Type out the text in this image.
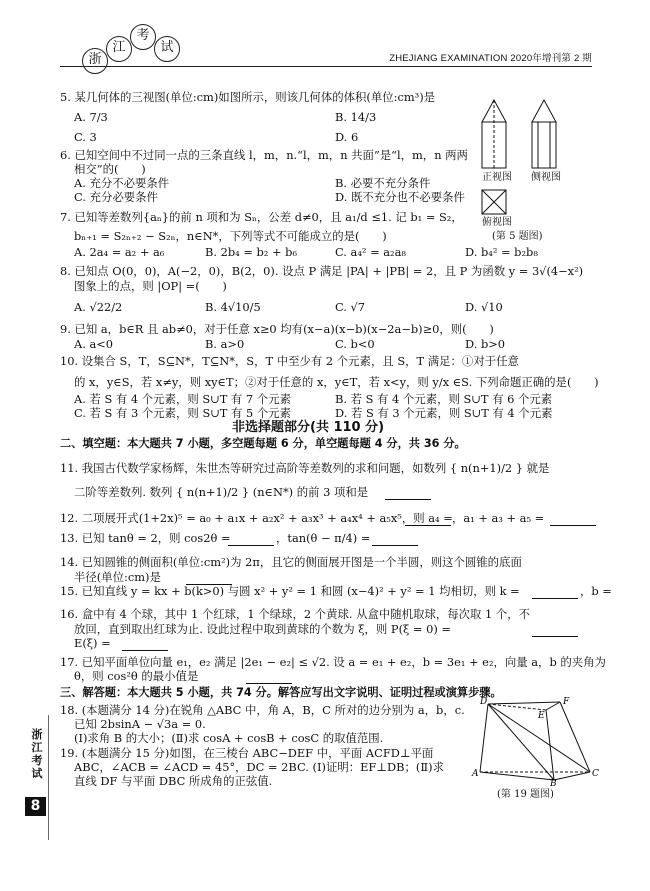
浙
江
考
试
ZHEJIANG EXAMINATION 2020年增刊第 2 期
浙江考试
8
5. 某几何体的三视图(单位:cm)如图所示，则该几何体的体积(单位:cm³)是
A. 7/3	B. 14/3
C. 3	D. 6
6. 已知空间中不过同一点的三条直线 l，m，n.“l，m，n 共面”是“l，m，n 两两
相交”的(　　)
A. 充分不必要条件	B. 必要不充分条件
C. 充分必要条件	D. 既不充分也不必要条件
7. 已知等差数列{aₙ}的前 n 项和为 Sₙ，公差 d≠0，且 a₁/d ≤1. 记 b₁ = S₂，
bₙ₊₁ = S₂ₙ₊₂ − S₂ₙ，n∈N*，下列等式不可能成立的是(　　)
A. 2a₄ = a₂ + a₆	B. 2b₄ = b₂ + b₆	C. a₄² = a₂a₈	D. b₄² = b₂b₈
8. 已知点 O(0，0)，A(−2，0)，B(2，0). 设点 P 满足 |PA| + |PB| = 2，且 P 为函数 y = 3√(4−x²)
图象上的点，则 |OP| =(　　)
A. √22/2	B. 4√10/5	C. √7	D. √10
9. 已知 a，b∈R 且 ab≠0，对于任意 x≥0 均有(x−a)(x−b)(x−2a−b)≥0，则(　　)
A. a<0	B. a>0	C. b<0	D. b>0
10. 设集合 S，T，S⊆N*，T⊆N*，S，T 中至少有 2 个元素，且 S，T 满足：①对于任意
的 x，y∈S，若 x≠y，则 xy∈T；②对于任意的 x，y∈T，若 x<y，则 y/x ∈S. 下列命题正确的是(　　)
A. 若 S 有 4 个元素，则 S∪T 有 7 个元素	B. 若 S 有 4 个元素，则 S∪T 有 6 个元素
C. 若 S 有 3 个元素，则 S∪T 有 5 个元素	D. 若 S 有 3 个元素，则 S∪T 有 4 个元素
非选择题部分(共 110 分)
二、填空题：本大题共 7 小题，多空题每题 6 分，单空题每题 4 分，共 36 分。
11. 我国古代数学家杨辉，朱世杰等研究过高阶等差数列的求和问题，如数列 { n(n+1)/2 } 就是
二阶等差数列. 数列 { n(n+1)/2 } (n∈N*) 的前 3 项和是
12. 二项展开式(1+2x)⁵ = a₀ + a₁x + a₂x² + a₃x³ + a₄x⁴ + a₅x⁵，则 a₄ = ，a₁ + a₃ + a₅ =
13. 已知 tanθ = 2，则 cos2θ =	，tan(θ − π/4) =
14. 已知圆锥的侧面积(单位:cm²)为 2π，且它的侧面展开图是一个半圆，则这个圆锥的底面
半径(单位:cm)是
15. 已知直线 y = kx + b(k>0) 与圆 x² + y² = 1 和圆 (x−4)² + y² = 1 均相切，则 k =	，b =
16. 盒中有 4 个球，其中 1 个红球，1 个绿球，2 个黄球. 从盒中随机取球，每次取 1 个，不
放回，直到取出红球为止. 设此过程中取到黄球的个数为 ξ，则 P(ξ = 0) =
E(ξ) =
17. 已知平面单位向量 e₁，e₂ 满足 |2e₁ − e₂| ≤ √2. 设 a = e₁ + e₂，b = 3e₁ + e₂，向量 a，b 的夹角为
θ，则 cos²θ 的最小值是
三、解答题：本大题共 5 小题，共 74 分。解答应写出文字说明、证明过程或演算步骤。
18. (本题满分 14 分)在锐角 △ABC 中，角 A，B，C 所对的边分别为 a，b，c.
已知 2bsinA − √3a = 0.
(Ⅰ)求角 B 的大小；(Ⅱ)求 cosA + cosB + cosC 的取值范围.
19. (本题满分 15 分)如图，在三棱台 ABC−DEF 中，平面 ACFD⊥平面
ABC，∠ACB = ∠ACD = 45°，DC = 2BC. (Ⅰ)证明：EF⊥DB；(Ⅱ)求
直线 DF 与平面 DBC 所成角的正弦值.
正视图 侧视图
俯视图
(第 5 题图)
D
E
F
A
B
C
(第 19 题图)
